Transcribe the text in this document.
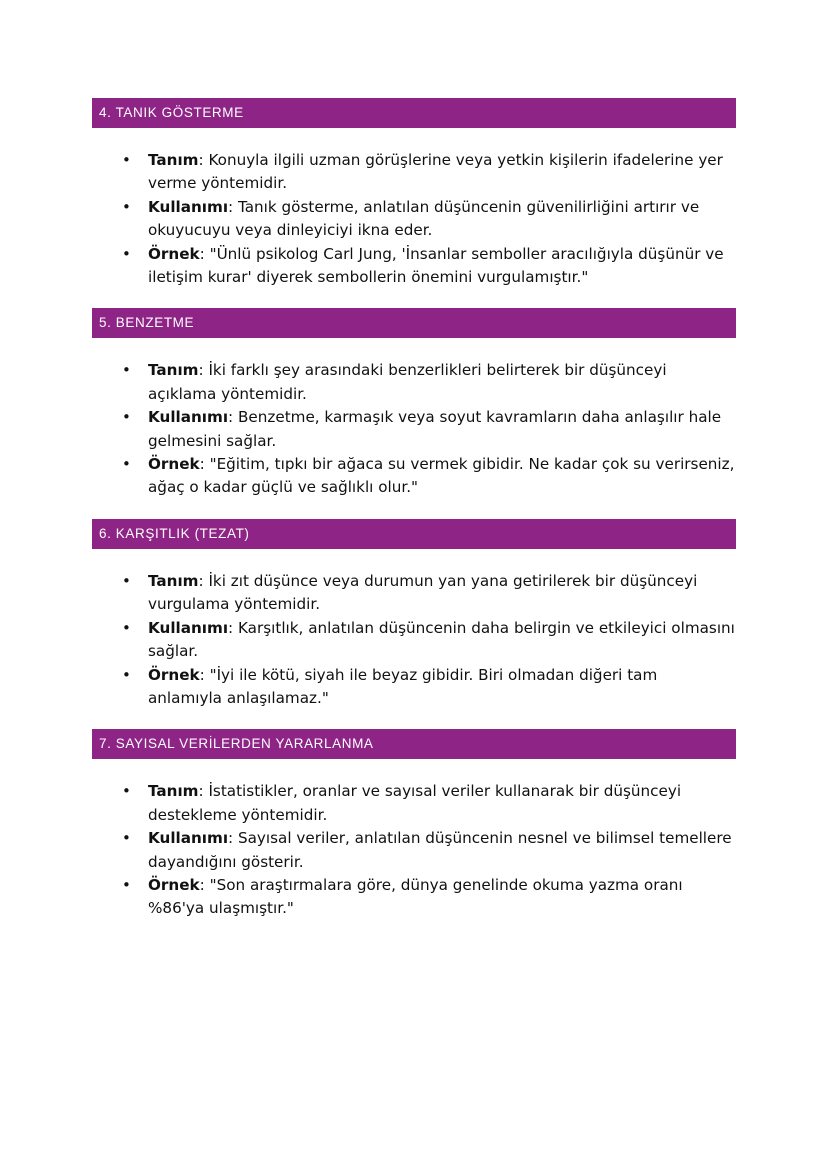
4. TANIK GÖSTERME
• Tanım: Konuyla ilgili uzman görüşlerine veya yetkin kişilerin ifadelerine yer verme yöntemidir.
• Kullanımı: Tanık gösterme, anlatılan düşüncenin güvenilirliğini artırır ve okuyucuyu veya dinleyiciyi ikna eder.
• Örnek: "Ünlü psikolog Carl Jung, 'İnsanlar semboller aracılığıyla düşünür ve iletişim kurar' diyerek sembollerin önemini vurgulamıştır."
5. BENZETME
• Tanım: İki farklı şey arasındaki benzerlikleri belirterek bir düşünceyi açıklama yöntemidir.
• Kullanımı: Benzetme, karmaşık veya soyut kavramların daha anlaşılır hale gelmesini sağlar.
• Örnek: "Eğitim, tıpkı bir ağaca su vermek gibidir. Ne kadar çok su verirseniz, ağaç o kadar güçlü ve sağlıklı olur."
6. KARŞITLIK (TEZAT)
• Tanım: İki zıt düşünce veya durumun yan yana getirilerek bir düşünceyi vurgulama yöntemidir.
• Kullanımı: Karşıtlık, anlatılan düşüncenin daha belirgin ve etkileyici olmasını sağlar.
• Örnek: "İyi ile kötü, siyah ile beyaz gibidir. Biri olmadan diğeri tam anlamıyla anlaşılamaz."
7. SAYISAL VERİLERDEN YARARLANMA
• Tanım: İstatistikler, oranlar ve sayısal veriler kullanarak bir düşünceyi destekleme yöntemidir.
• Kullanımı: Sayısal veriler, anlatılan düşüncenin nesnel ve bilimsel temellere dayandığını gösterir.
• Örnek: "Son araştırmalara göre, dünya genelinde okuma yazma oranı %86'ya ulaşmıştır."
